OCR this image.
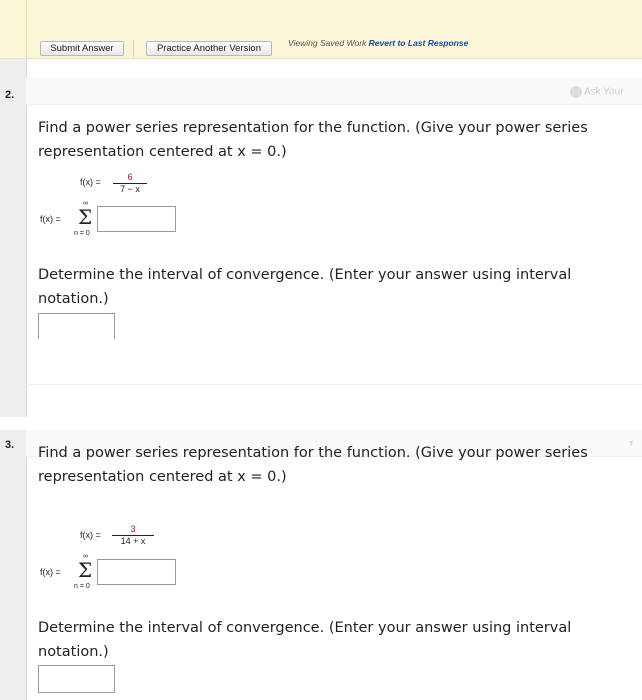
Submit Answer	Practice Another Version	Viewing Saved Work Revert to Last Response
2.	Ask Your
Find a power series representation for the function. (Give your power series
representation centered at x = 0.)
f(x) =	6
7 − x
f(x) =
∞
Σ
n = 0
Determine the interval of convergence. (Enter your answer using interval
notation.)
3.	r
Find a power series representation for the function. (Give your power series
representation centered at x = 0.)
f(x) =
3
14 + x
f(x) =
∞
Σ
n = 0
Determine the interval of convergence. (Enter your answer using interval
notation.)
